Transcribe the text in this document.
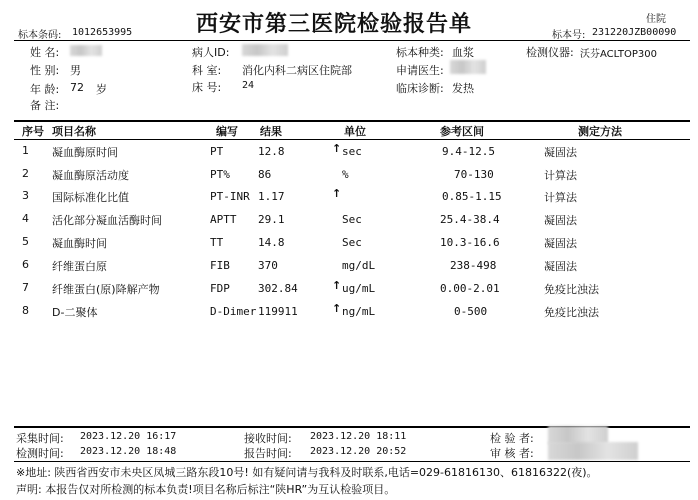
标本条码: 1012653995	西安市第三医院检验报告单	住院
标本号: 231220JZB00090
姓 名:
性 别: 男
年 龄: 72 岁
备 注:
病人ID:
科 室: 消化内科二病区住院部
床 号: 24
标本种类: 血浆
申请医生:
临床诊断: 发热
检测仪器: 沃芬ACLTOP300
序号 项目名称	编写 结果	单位	参考区间	测定方法
1 凝血酶原时间	PT	12.8	↑ sec	9.4-12.5	凝固法
2 凝血酶原活动度	PT%	86	%	70-130	计算法
3 国际标准化比值	PT-INR 1.17	↑	0.85-1.15	计算法
4 活化部分凝血活酶时间	APTT 29.1	Sec	25.4-38.4	凝固法
5 凝血酶时间	TT	14.8	Sec	10.3-16.6	凝固法
6 纤维蛋白原	FIB	370	mg/dL	238-498	凝固法
7 纤维蛋白(原)降解产物	FDP	302.84	↑ ug/mL	0.00-2.01	免疫比浊法
8 D-二聚体	D-Dimer 119911	↑ ng/mL	0-500	免疫比浊法
采集时间: 2023.12.20 16:17
检测时间: 2023.12.20 18:48
接收时间: 2023.12.20 18:11
报告时间: 2023.12.20 20:52
检 验 者:
审 核 者:
※地址: 陕西省西安市未央区凤城三路东段10号! 如有疑问请与我科及时联系,电话=029-61816130、61816322(夜)。
声明: 本报告仅对所检测的标本负责!项目名称后标注“陕HR”为互认检验项目。
